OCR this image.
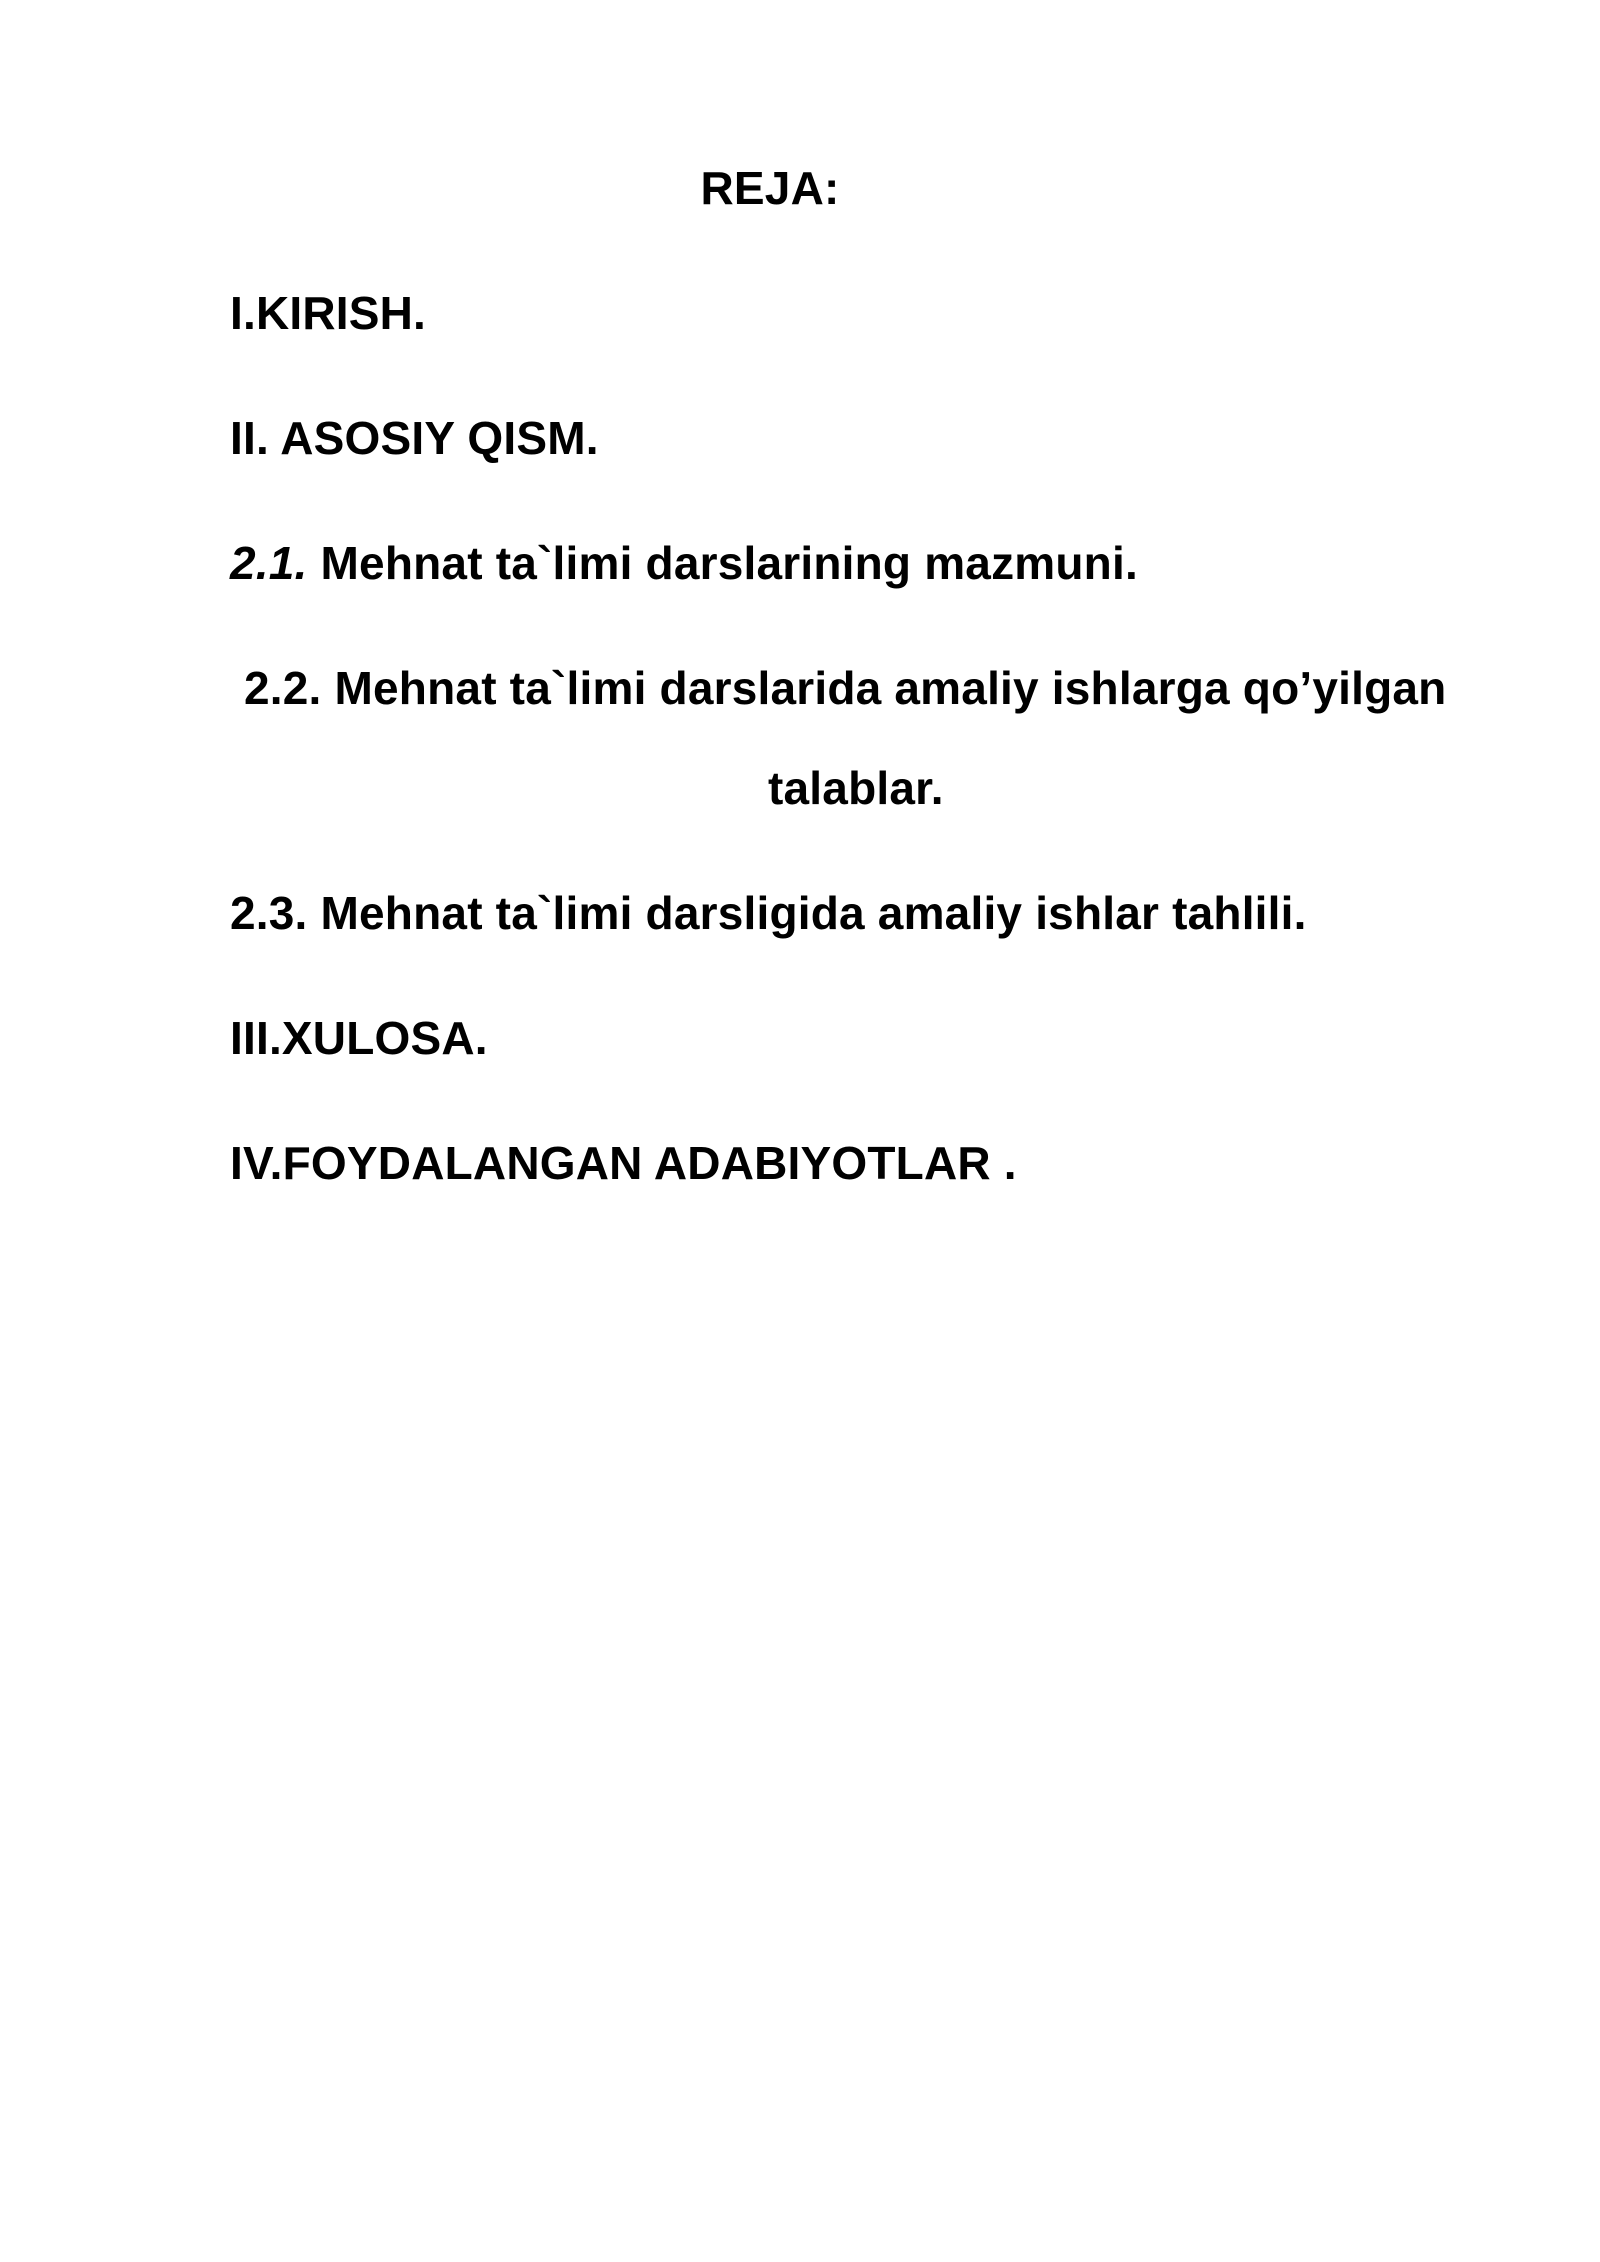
REJA:
I.KIRISH.
II. ASOSIY QISM.
2.1. Mehnat ta`limi darslarining mazmuni.
2.2. Mehnat ta`limi darslarida amaliy ishlarga qo’yilgan
talablar.
2.3. Mehnat ta`limi darsligida amaliy ishlar tahlili.
III.XULOSA.
IV.FOYDALANGAN ADABIYOTLAR .
